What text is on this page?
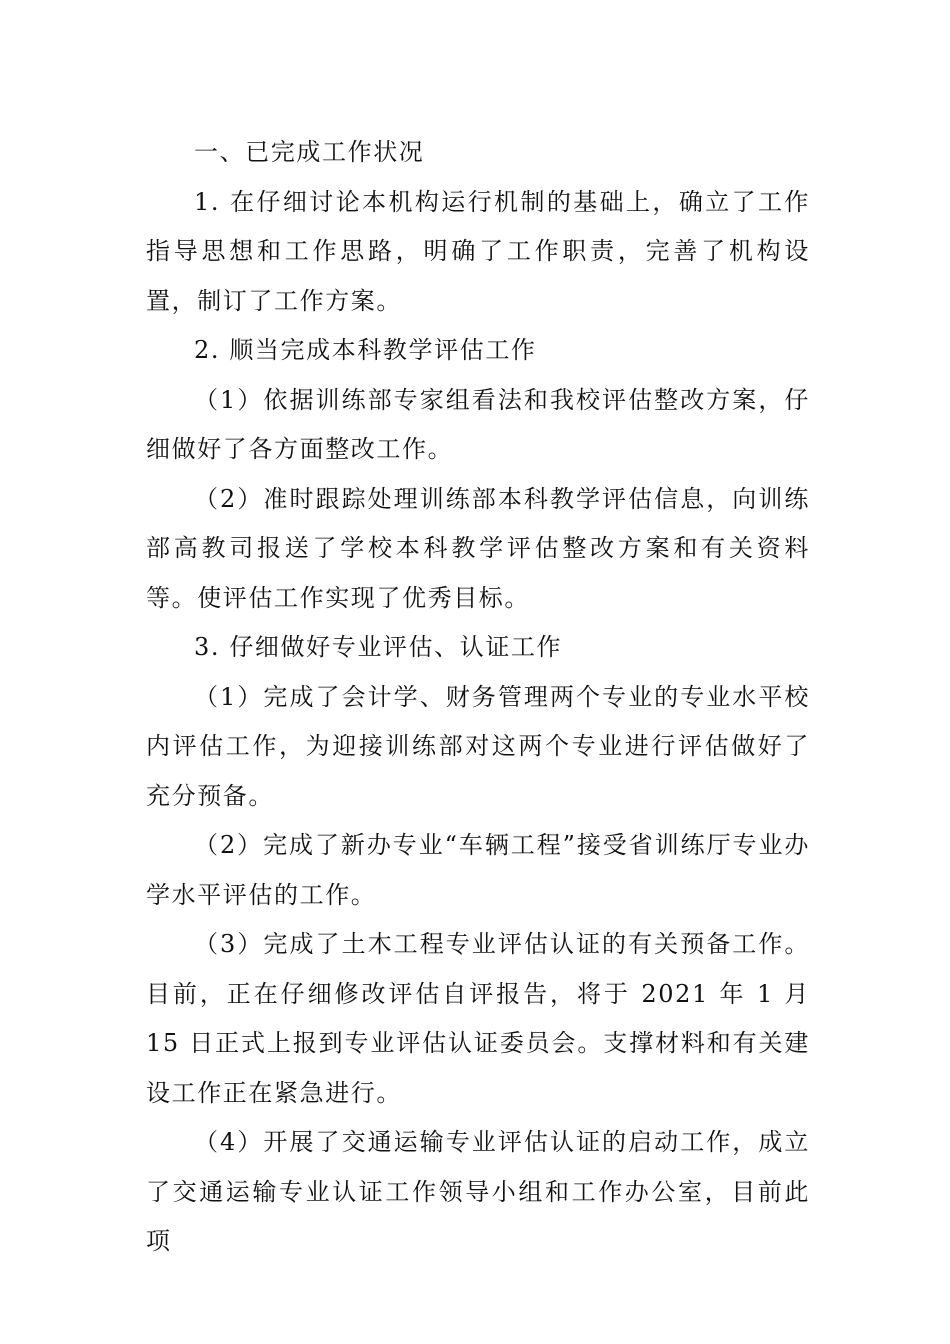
一、已完成工作状况

1. 在仔细讨论本机构运行机制的基础上，确立了工作指导思想和工作思路，明确了工作职责，完善了机构设置，制订了工作方案。

2. 顺当完成本科教学评估工作

（1）依据训练部专家组看法和我校评估整改方案，仔细做好了各方面整改工作。

（2）准时跟踪处理训练部本科教学评估信息，向训练部高教司报送了学校本科教学评估整改方案和有关资料等。使评估工作实现了优秀目标。

3. 仔细做好专业评估、认证工作

（1）完成了会计学、财务管理两个专业的专业水平校内评估工作，为迎接训练部对这两个专业进行评估做好了充分预备。

（2）完成了新办专业“车辆工程”接受省训练厅专业办学水平评估的工作。

（3）完成了土木工程专业评估认证的有关预备工作。目前，正在仔细修改评估自评报告，将于 2021 年 1 月 15 日正式上报到专业评估认证委员会。支撑材料和有关建设工作正在紧急进行。

（4）开展了交通运输专业评估认证的启动工作，成立了交通运输专业认证工作领导小组和工作办公室，目前此项
